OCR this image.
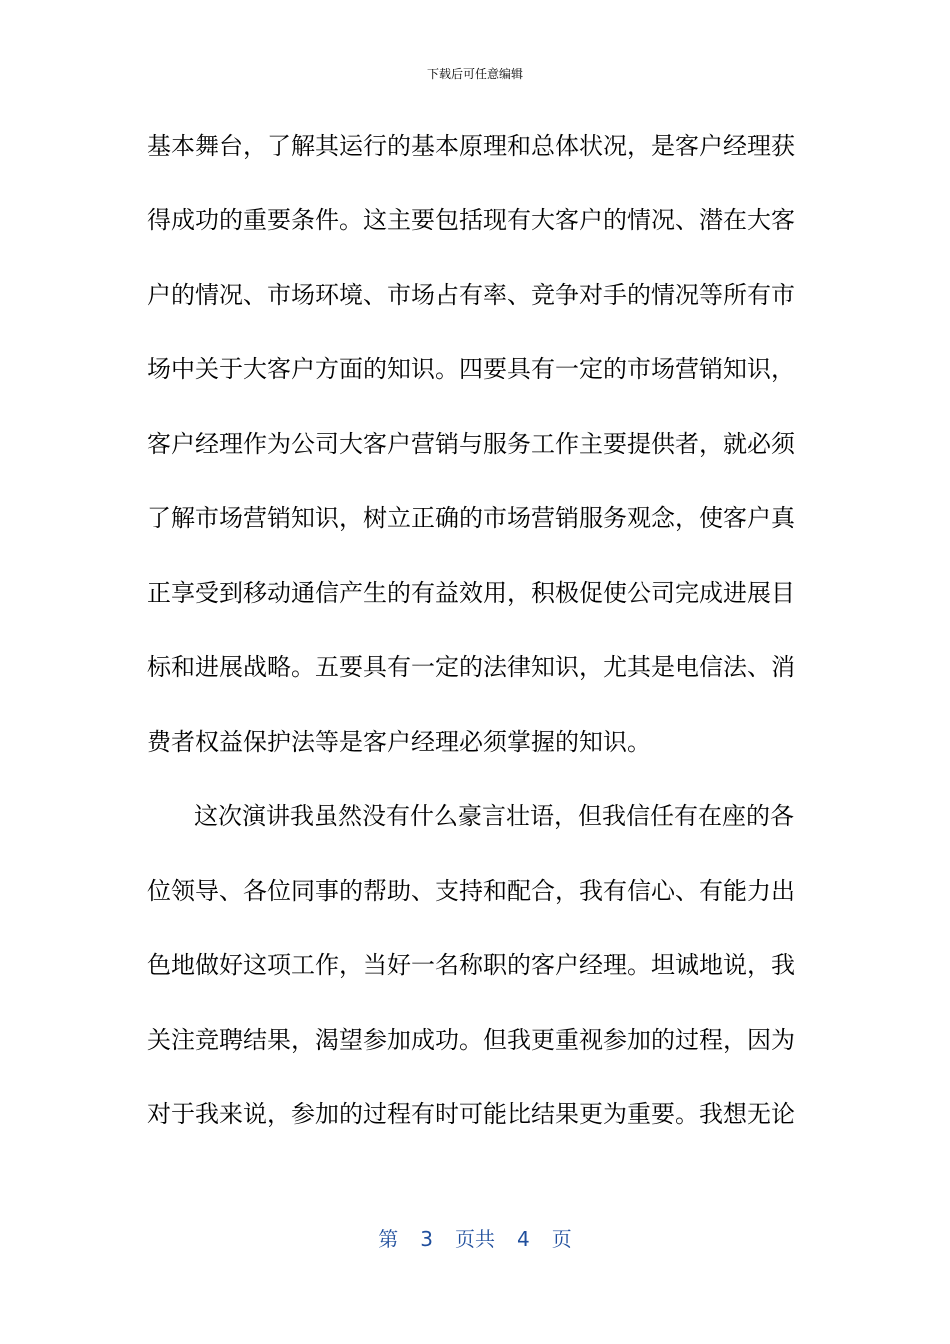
下载后可任意编辑
基本舞台，了解其运行的基本原理和总体状况，是客户经理获
得成功的重要条件。这主要包括现有大客户的情况、潜在大客
户的情况、市场环境、市场占有率、竞争对手的情况等所有市
场中关于大客户方面的知识。四要具有一定的市场营销知识，
客户经理作为公司大客户营销与服务工作主要提供者，就必须
了解市场营销知识，树立正确的市场营销服务观念，使客户真
正享受到移动通信产生的有益效用，积极促使公司完成进展目
标和进展战略。五要具有一定的法律知识，尤其是电信法、消
费者权益保护法等是客户经理必须掌握的知识。
这次演讲我虽然没有什么豪言壮语，但我信任有在座的各
位领导、各位同事的帮助、支持和配合，我有信心、有能力出
色地做好这项工作，当好一名称职的客户经理。坦诚地说，我
关注竞聘结果，渴望参加成功。但我更重视参加的过程，因为
对于我来说，参加的过程有时可能比结果更为重要。我想无论
第 3 页共 4 页
